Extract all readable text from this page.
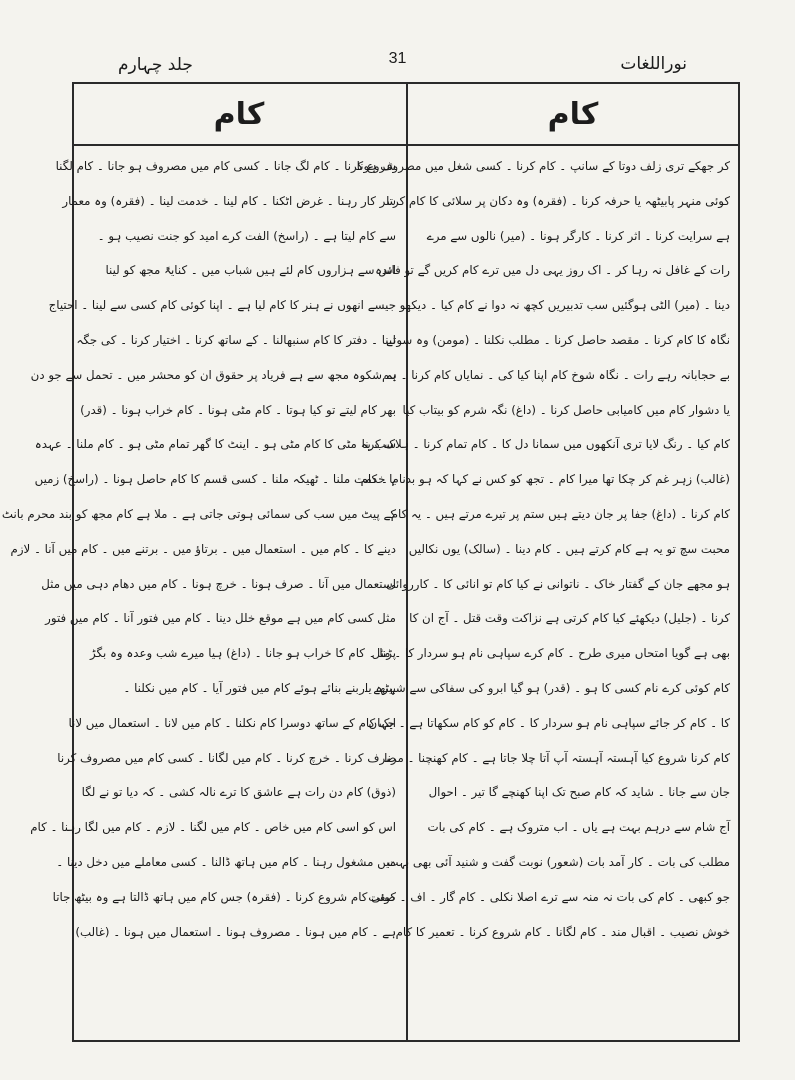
31	نوراللغات
جلد چہارم
کام
کام
کر جھکے تری زلف دوتا کے سانپ ۔ کام کرنا ۔ کسی شغل میں مصروف ہونا
کوئی منہر پابیٹھہ یا حرفہ کرنا ۔ (فقرہ) وہ دکان پر سلائی کا کام کرتا
ہے سرایت کرنا ۔ اثر کرنا ۔ کارگر ہونا ۔ (میر) نالوں سے مرے
رات کے غافل نہ رہا کر ۔ اک روز یہی دل میں ترے کام کریں گے تو فائدہ
دینا ۔ (میر) الٹی ہوگئیں سب تدبیریں کچھ نہ دوا نے کام کیا ۔ دیکھو
نگاہ کا کام کرنا ۔ مقصد حاصل کرنا ۔ مطلب نکلنا ۔ (مومن) وہ سوتے
بے حجابانہ رہے رات ۔ نگاہ شوخ کام اپنا کیا کی ۔ نمایاں کام کرنا ۔ ہم
یا دشوار کام میں کامیابی حاصل کرنا ۔ (داغ) نگہ شرم کو بیتاب کیا
کام کیا ۔ رنگ لایا تری آنکھوں میں سمانا دل کا ۔ کام تمام کرنا ۔ ہلاک کرنا
(غالب) زہر غم کر چکا تھا میرا کام ۔ تجھ کو کس نے کہا کہ ہو بدنام ۔ کام
کام کرنا ۔ (داغ) جفا پر جان دیتے ہیں ستم پر تیرے مرتے ہیں ۔ یہ کام
محبت سچ تو یہ ہے کام کرتے ہیں ۔ کام دینا ۔ (سالک) یوں نکالیں
ہو مجھے جان کے گفتار خاک ۔ ناتوانی نے کیا کام تو انائی کا ۔ کارروائی
کرنا ۔ (جلیل) دیکھئے کیا کام کرتی ہے نزاکت وقت قتل ۔ آج ان کا
بھی ہے گویا امتحاں میری طرح ۔ کام کرے سپاہی نام ہو سردار کا ۔ مثل
کام کوئی کرے نام کسی کا ہو ۔ (قدر) ہو گیا ابرو کی سفاکی سے شہرہ یار
کا ۔ کام کر جائے سپاہی نام ہو سردار کا ۔ کام کو کام سکھاتا ہے ۔ جہاں
کام کرنا شروع کیا آہستہ آہستہ آپ آتا چلا جاتا ہے ۔ کام کھنچنا ۔ مرنا
جان سے جانا ۔ شاید کہ کام صبح تک اپنا کھنچے گا تیر ۔ احوال
آج شام سے درہم بہت ہے یاں ۔ اب متروک ہے ۔ کام کی بات
مطلب کی بات ۔ کار آمد بات (شعور) نوبت گفت و شنید آئی بھی بہت
جو کبھی ۔ کام کی بات نہ منہ سے ترے اصلا نکلی ۔ کام گار ۔ اف ۔ صفت
خوش نصیب ۔ اقبال مند ۔ کام لگانا ۔ کام شروع کرنا ۔ تعمیر کا کام
شروع کرنا ۔ کام لگ جانا ۔ کسی کام میں مصروف ہو جانا ۔ کام لگنا
سر کار رہنا ۔ غرض اٹکنا ۔ کام لینا ۔ خدمت لینا ۔ (فقرہ) وہ معمار
سے کام لیتا ہے ۔ (راسخ) الفت کرے امید کو جنت نصیب ہو ۔
اس سے ہزاروں کام لئے ہیں شباب میں ۔ کنایۃً مجھ کو لینا
جیسے انھوں نے ہنر کا کام لیا ہے ۔ اپنا کوئی کام کسی سے لینا ۔ احتیاج
لینا ۔ دفتر کا کام سنبھالنا ۔ کے ساتھ کرنا ۔ اختیار کرنا ۔ کی جگہ
یہ شکوہ مجھ سے ہے فریاد پر حقوق ان کو محشر میں ۔ تحمل سے جو دن
بھر کام لیتے تو کیا ہوتا ۔ کام مٹی ہونا ۔ کام خراب ہونا ۔ (قدر)
سب یہ مٹی کا کام مٹی ہو ۔ اینٹ کا گھر تمام مٹی ہو ۔ کام ملنا ۔ عہدہ
یا خدمت ملنا ۔ ٹھیکہ ملنا ۔ کسی قسم کا کام حاصل ہونا ۔ (راسخ) زمیں
کے پیٹ میں سب کی سمائی ہوتی جاتی ہے ۔ ملا ہے کام مجھ کو بند محرم بانٹ
دینے کا ۔ کام میں ۔ استعمال میں ۔ برتاؤ میں ۔ برتنے میں ۔ کام میں آنا ۔ لازم
استعمال میں آنا ۔ صرف ہونا ۔ خرچ ہونا ۔ کام میں دھام دہی میں مثل
مثل کسی کام میں ہے موقع خلل دینا ۔ کام میں فتور آنا ۔ کام میں فتور
پڑنا ۔ کام کا خراب ہو جانا ۔ (داغ) ہیا میرے شب وعدہ وہ بگڑ
بیٹھے ۔ بنے بنائے ہوئے کام میں فتور آیا ۔ کام میں نکلنا ۔
ایک کام کے ساتھ دوسرا کام نکلنا ۔ کام میں لانا ۔ استعمال میں لانا
صرف کرنا ۔ خرچ کرنا ۔ کام میں لگانا ۔ کسی کام میں مصروف کرنا
(ذوق) کام دن رات ہے عاشق کا ترے نالہ کشی ۔ کہ دیا تو نے لگا
اس کو اسی کام میں خاص ۔ کام میں لگنا ۔ لازم ۔ کام میں لگا رہنا ۔ کام
میں مشغول رہنا ۔ کام میں ہاتھ ڈالنا ۔ کسی معاملے میں دخل دینا ۔
کوئی کام شروع کرنا ۔ (فقرہ) جس کام میں ہاتھ ڈالتا ہے وہ بیٹھ جاتا
ہے ۔ کام میں ہونا ۔ مصروف ہونا ۔ استعمال میں ہونا ۔ (غالب)
